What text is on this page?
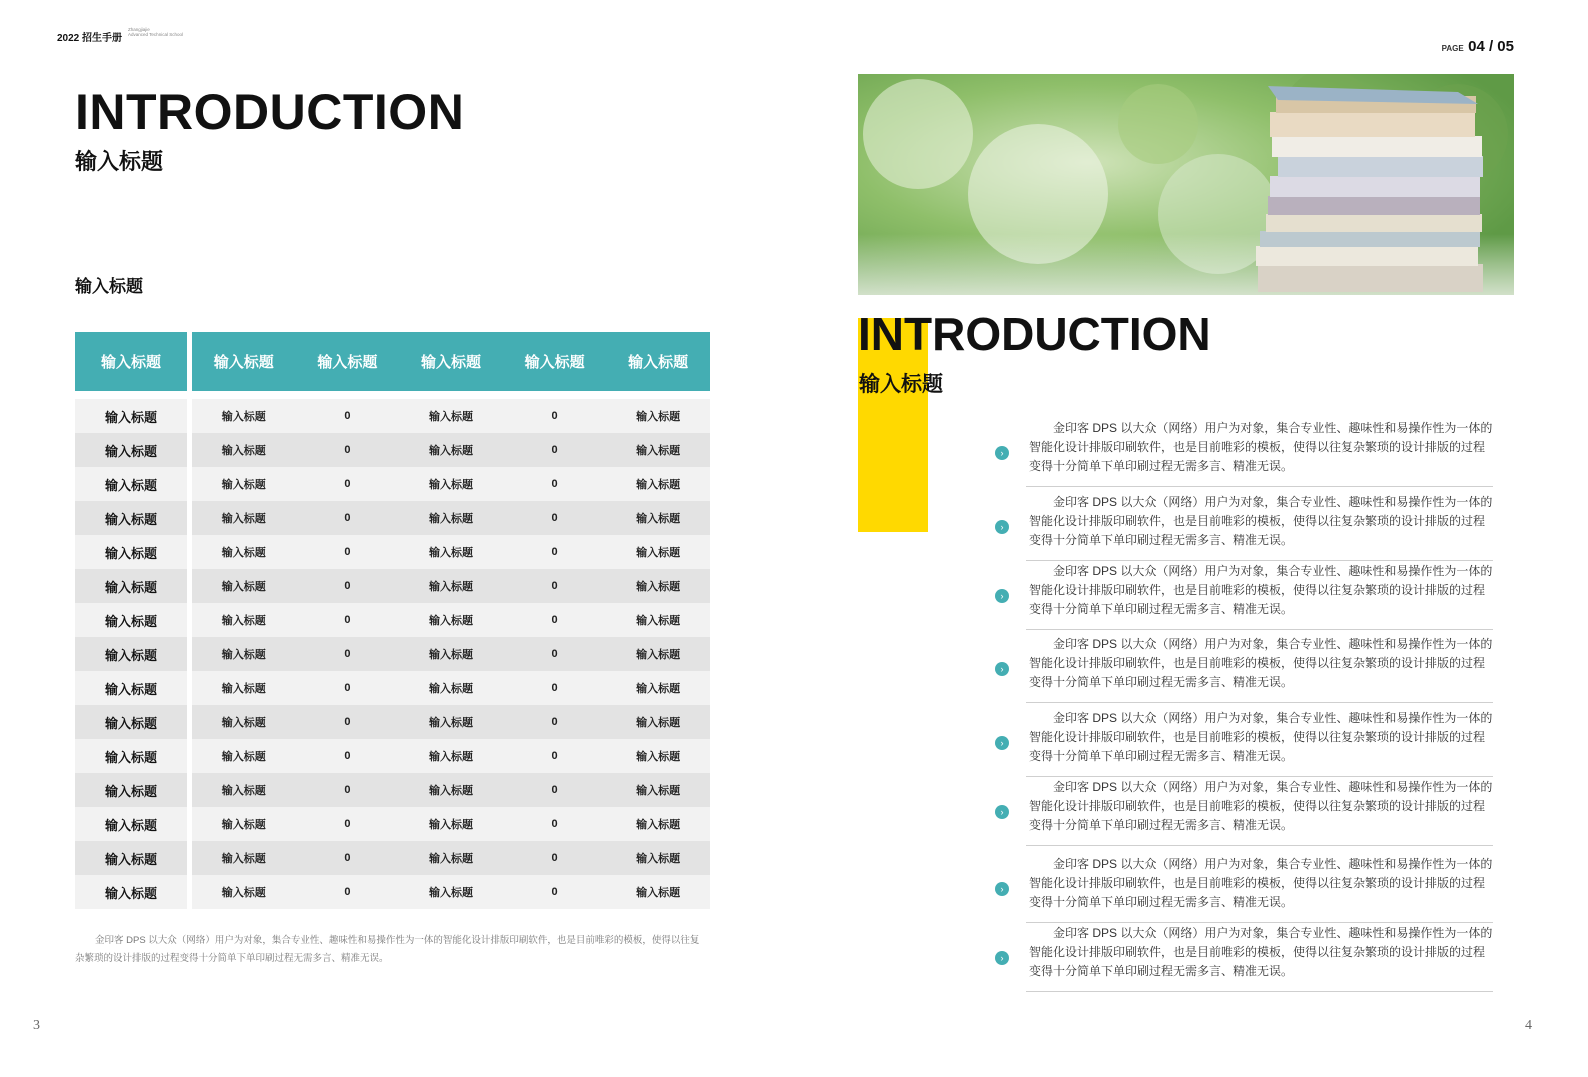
2022 招生手册
Zhangjiajie
Advanced Technical School
PAGE 04 / 05
INTRODUCTION
输入标题
输入标题
输入标题	输入标题	输入标题	输入标题	输入标题	输入标题
输入标题	输入标题	0	输入标题	0	输入标题
输入标题	输入标题	0	输入标题	0	输入标题
输入标题	输入标题	0	输入标题	0	输入标题
输入标题	输入标题	0	输入标题	0	输入标题
输入标题	输入标题	0	输入标题	0	输入标题
输入标题	输入标题	0	输入标题	0	输入标题
输入标题	输入标题	0	输入标题	0	输入标题
输入标题	输入标题	0	输入标题	0	输入标题
输入标题	输入标题	0	输入标题	0	输入标题
输入标题	输入标题	0	输入标题	0	输入标题
输入标题	输入标题	0	输入标题	0	输入标题
输入标题	输入标题	0	输入标题	0	输入标题
输入标题	输入标题	0	输入标题	0	输入标题
输入标题	输入标题	0	输入标题	0	输入标题
输入标题	输入标题	0	输入标题	0	输入标题
金印客 DPS 以大众（网络）用户为对象，集合专业性、趣味性和易操作性为一体的智能化设计排版印刷软件，也是目前唯彩的模板，使得以往复杂繁琐的设计排版的过程变得十分简单下单印刷过程无需多言、精准无误。
3
INTRODUCTION
输入标题
›
金印客 DPS 以大众（网络）用户为对象，集合专业性、趣味性和易操作性为一体的智能化设计排版印刷软件，也是目前唯彩的模板，使得以往复杂繁琐的设计排版的过程变得十分简单下单印刷过程无需多言、精准无误。
›
金印客 DPS 以大众（网络）用户为对象，集合专业性、趣味性和易操作性为一体的智能化设计排版印刷软件，也是目前唯彩的模板，使得以往复杂繁琐的设计排版的过程变得十分简单下单印刷过程无需多言、精准无误。
›
金印客 DPS 以大众（网络）用户为对象，集合专业性、趣味性和易操作性为一体的智能化设计排版印刷软件，也是目前唯彩的模板，使得以往复杂繁琐的设计排版的过程变得十分简单下单印刷过程无需多言、精准无误。
›
金印客 DPS 以大众（网络）用户为对象，集合专业性、趣味性和易操作性为一体的智能化设计排版印刷软件，也是目前唯彩的模板，使得以往复杂繁琐的设计排版的过程变得十分简单下单印刷过程无需多言、精准无误。
›
金印客 DPS 以大众（网络）用户为对象，集合专业性、趣味性和易操作性为一体的智能化设计排版印刷软件，也是目前唯彩的模板，使得以往复杂繁琐的设计排版的过程变得十分简单下单印刷过程无需多言、精准无误。
›
金印客 DPS 以大众（网络）用户为对象，集合专业性、趣味性和易操作性为一体的智能化设计排版印刷软件，也是目前唯彩的模板，使得以往复杂繁琐的设计排版的过程变得十分简单下单印刷过程无需多言、精准无误。
›
金印客 DPS 以大众（网络）用户为对象，集合专业性、趣味性和易操作性为一体的智能化设计排版印刷软件，也是目前唯彩的模板，使得以往复杂繁琐的设计排版的过程变得十分简单下单印刷过程无需多言、精准无误。
›
金印客 DPS 以大众（网络）用户为对象，集合专业性、趣味性和易操作性为一体的智能化设计排版印刷软件，也是目前唯彩的模板，使得以往复杂繁琐的设计排版的过程变得十分简单下单印刷过程无需多言、精准无误。
4
